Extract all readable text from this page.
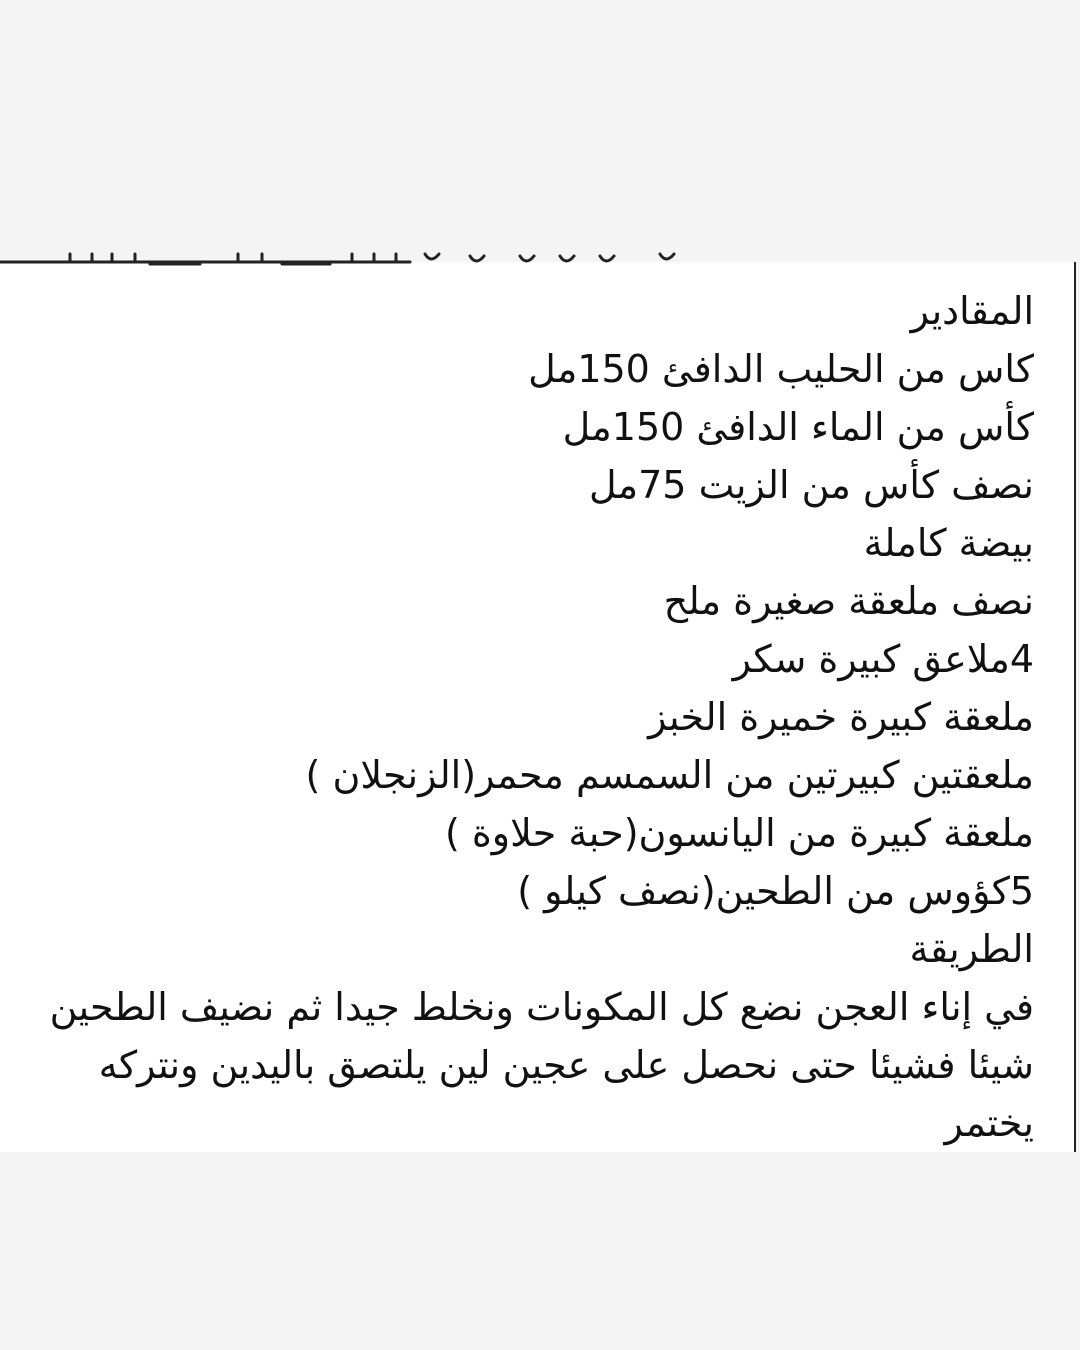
المقادير
كاس من الحليب الدافئ 150مل
كأس من الماء الدافئ 150مل
نصف كأس من الزيت 75مل
بيضة كاملة
نصف ملعقة صغيرة ملح
4ملاعق كبيرة سكر
ملعقة كبيرة خميرة الخبز
ملعقتين كبيرتين من السمسم محمر(الزنجلان )
ملعقة كبيرة من اليانسون(حبة حلاوة )
5كؤوس من الطحين(نصف كيلو )
الطريقة
في إناء العجن نضع كل المكونات ونخلط جيدا ثم نضيف الطحين شيئا فشيئا حتى نحصل على عجين لين يلتصق باليدين ونتركه يختمر
